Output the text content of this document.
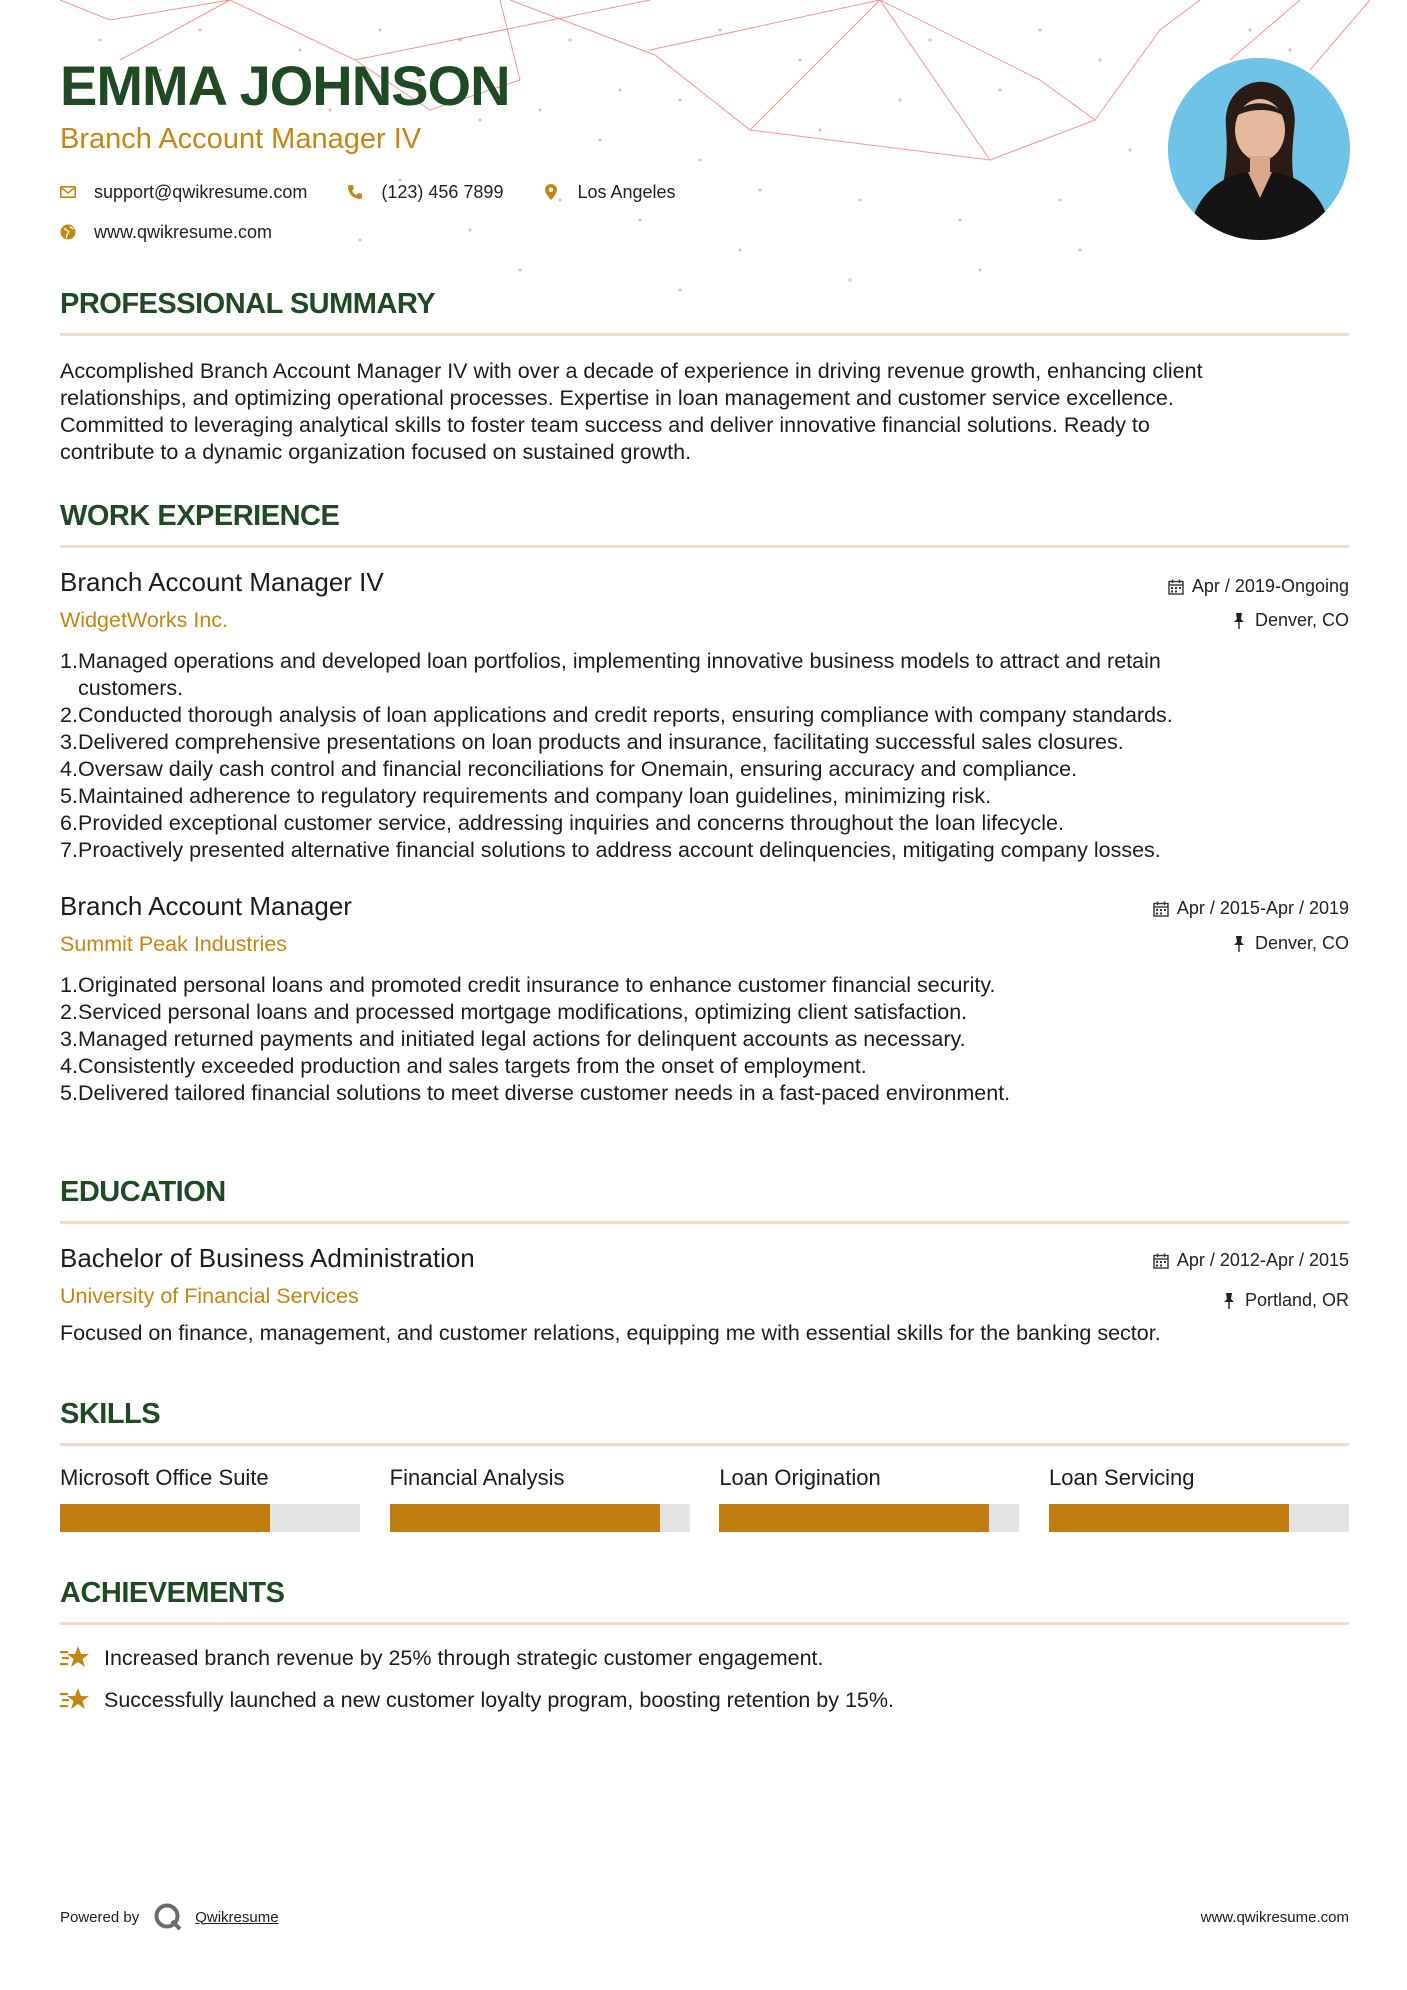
EMMA JOHNSON
Branch Account Manager IV
support@qwikresume.com	(123) 456 7899	Los Angeles
www.qwikresume.com
PROFESSIONAL SUMMARY
Accomplished Branch Account Manager IV with over a decade of experience in driving revenue growth, enhancing client
relationships, and optimizing operational processes. Expertise in loan management and customer service excellence.
Committed to leveraging analytical skills to foster team success and deliver innovative financial solutions. Ready to
contribute to a dynamic organization focused on sustained growth.
WORK EXPERIENCE
Apr / 2019-Ongoing
Denver, CO
Branch Account Manager IV
WidgetWorks Inc.
1. Managed operations and developed loan portfolios, implementing innovative business models to attract and retain
customers.
2. Conducted thorough analysis of loan applications and credit reports, ensuring compliance with company standards.
3. Delivered comprehensive presentations on loan products and insurance, facilitating successful sales closures.
4. Oversaw daily cash control and financial reconciliations for Onemain, ensuring accuracy and compliance.
5. Maintained adherence to regulatory requirements and company loan guidelines, minimizing risk.
6. Provided exceptional customer service, addressing inquiries and concerns throughout the loan lifecycle.
7. Proactively presented alternative financial solutions to address account delinquencies, mitigating company losses.
Apr / 2015-Apr / 2019
Denver, CO
Branch Account Manager
Summit Peak Industries
1. Originated personal loans and promoted credit insurance to enhance customer financial security.
2. Serviced personal loans and processed mortgage modifications, optimizing client satisfaction.
3. Managed returned payments and initiated legal actions for delinquent accounts as necessary.
4. Consistently exceeded production and sales targets from the onset of employment.
5. Delivered tailored financial solutions to meet diverse customer needs in a fast-paced environment.
EDUCATION
Apr / 2012-Apr / 2015
Portland, OR
Bachelor of Business Administration
University of Financial Services
Focused on finance, management, and customer relations, equipping me with essential skills for the banking sector.
SKILLS
Microsoft Office Suite	Financial Analysis	Loan Origination	Loan Servicing
ACHIEVEMENTS
Increased branch revenue by 25% through strategic customer engagement.
Successfully launched a new customer loyalty program, boosting retention by 15%.
Powered by	Qwikresume	www.qwikresume.com
